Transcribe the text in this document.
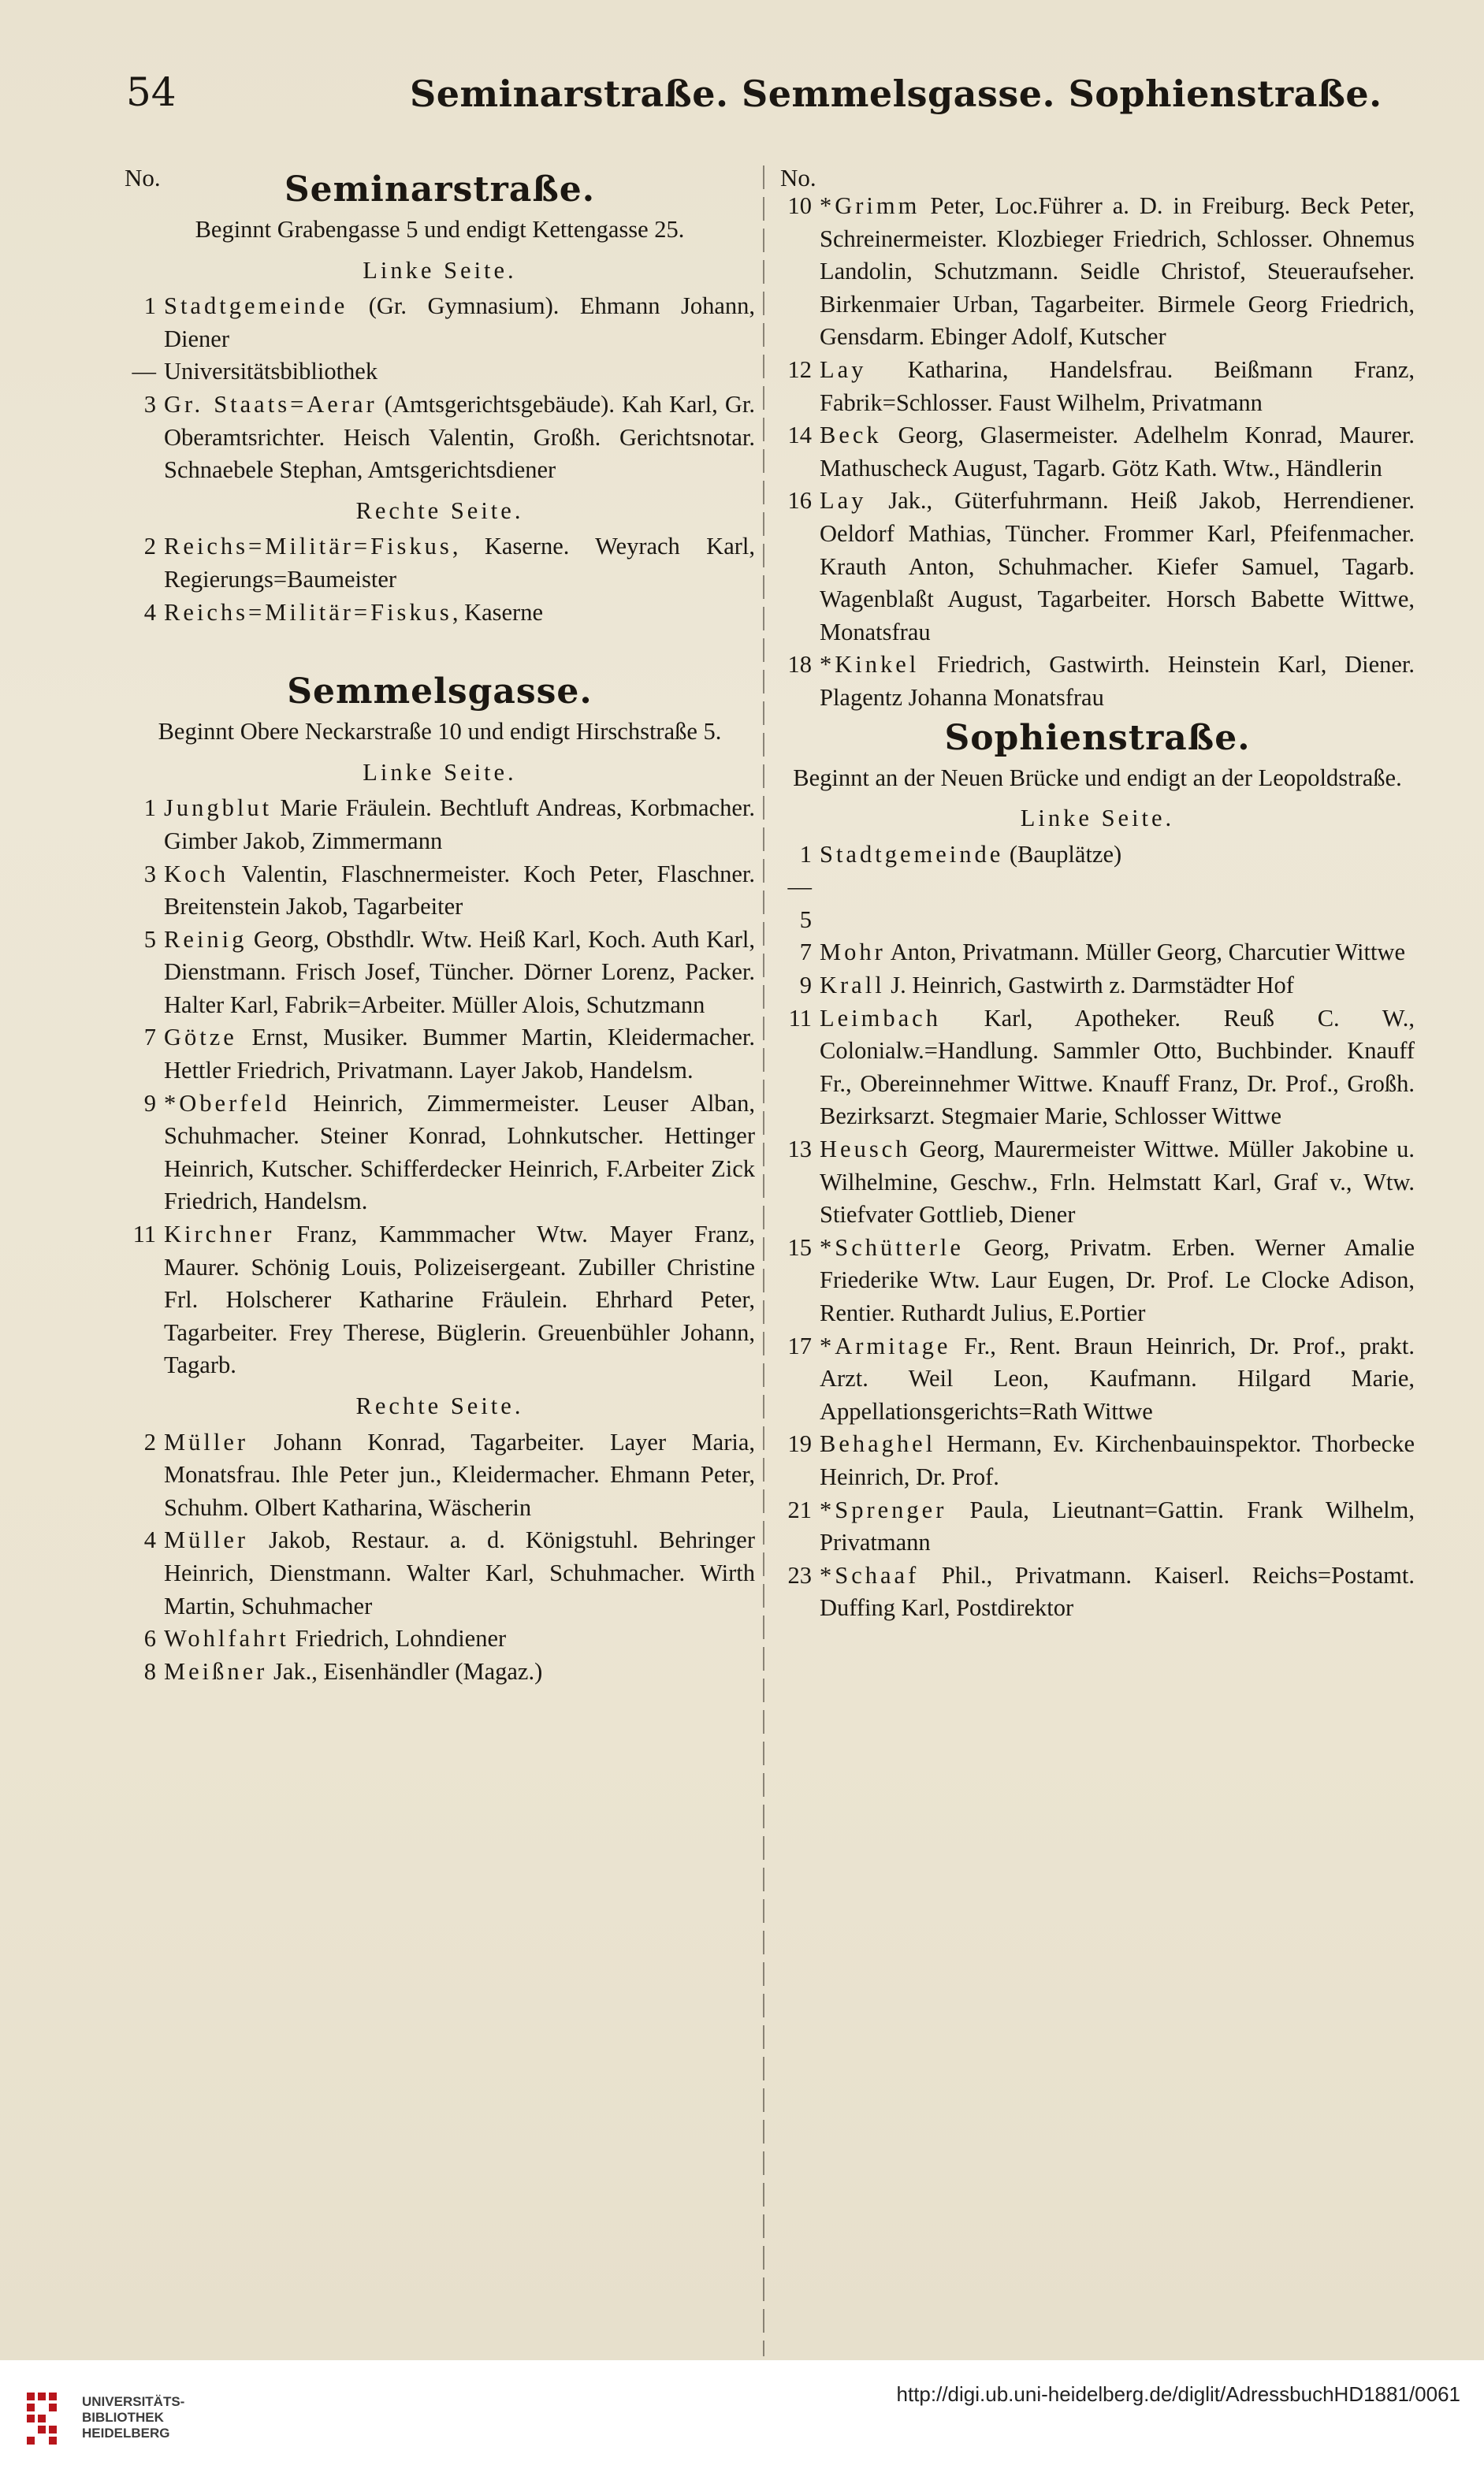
54	Seminarstraße. Semmelsgasse. Sophienstraße.
No.	Seminarstraße.
Beginnt Grabengasse 5 und endigt Kettengasse 25.
Linke Seite.
1 Stadtgemeinde (Gr. Gymnasium). Ehmann Johann, Diener
— Universitätsbibliothek
3 Gr. Staats=Aerar (Amtsgerichtsgebäude). Kah Karl, Gr. Oberamtsrichter. Heisch Valentin, Großh. Gerichtsnotar. Schnaebele Stephan, Amtsgerichtsdiener
Rechte Seite.
2 Reichs=Militär=Fiskus, Kaserne. Weyrach Karl, Regierungs=Baumeister
4 Reichs=Militär=Fiskus, Kaserne
Semmelsgasse.
Beginnt Obere Neckarstraße 10 und endigt Hirschstraße 5.
Linke Seite.
1 Jungblut Marie Fräulein. Bechtluft Andreas, Korbmacher. Gimber Jakob, Zimmermann
3 Koch Valentin, Flaschnermeister. Koch Peter, Flaschner. Breitenstein Jakob, Tagarbeiter
5 Reinig Georg, Obsthdlr. Wtw. Heiß Karl, Koch. Auth Karl, Dienstmann. Frisch Josef, Tüncher. Dörner Lorenz, Packer. Halter Karl, Fabrik=Arbeiter. Müller Alois, Schutzmann
7 Götze Ernst, Musiker. Bummer Martin, Kleidermacher. Hettler Friedrich, Privatmann. Layer Jakob, Handelsm.
9 *Oberfeld Heinrich, Zimmermeister. Leuser Alban, Schuhmacher. Steiner Konrad, Lohnkutscher. Hettinger Heinrich, Kutscher. Schifferdecker Heinrich, F.Arbeiter Zick Friedrich, Handelsm.
11 Kirchner Franz, Kammmacher Wtw. Mayer Franz, Maurer. Schönig Louis, Polizeisergeant. Zubiller Christine Frl. Holscherer Katharine Fräulein. Ehrhard Peter, Tagarbeiter. Frey Therese, Büglerin. Greuenbühler Johann, Tagarb.
Rechte Seite.
2 Müller Johann Konrad, Tagarbeiter. Layer Maria, Monatsfrau. Ihle Peter jun., Kleidermacher. Ehmann Peter, Schuhm. Olbert Katharina, Wäscherin
4 Müller Jakob, Restaur. a. d. Königstuhl. Behringer Heinrich, Dienstmann. Walter Karl, Schuhmacher. Wirth Martin, Schuhmacher
6 Wohlfahrt Friedrich, Lohndiener
8 Meißner Jak., Eisenhändler (Magaz.)
No.
10 *Grimm Peter, Loc.Führer a. D. in Freiburg. Beck Peter, Schreinermeister. Klozbieger Friedrich, Schlosser. Ohnemus Landolin, Schutzmann. Seidle Christof, Steueraufseher. Birkenmaier Urban, Tagarbeiter. Birmele Georg Friedrich, Gensdarm. Ebinger Adolf, Kutscher
12 Lay Katharina, Handelsfrau. Beißmann Franz, Fabrik=Schlosser. Faust Wilhelm, Privatmann
14 Beck Georg, Glasermeister. Adelhelm Konrad, Maurer. Mathuscheck August, Tagarb. Götz Kath. Wtw., Händlerin
16 Lay Jak., Güterfuhrmann. Heiß Jakob, Herrendiener. Oeldorf Mathias, Tüncher. Frommer Karl, Pfeifenmacher. Krauth Anton, Schuhmacher. Kiefer Samuel, Tagarb. Wagenblaßt August, Tagarbeiter. Horsch Babette Wittwe, Monatsfrau
18 *Kinkel Friedrich, Gastwirth. Heinstein Karl, Diener. Plagentz Johanna Monatsfrau
Sophienstraße.
Beginnt an der Neuen Brücke und endigt an der Leopoldstraße.
Linke Seite.
1—5
Stadtgemeinde (Bauplätze)
7 Mohr Anton, Privatmann. Müller Georg, Charcutier Wittwe
9 Krall J. Heinrich, Gastwirth z. Darmstädter Hof
11 Leimbach Karl, Apotheker. Reuß C. W., Colonialw.=Handlung. Sammler Otto, Buchbinder. Knauff Fr., Obereinnehmer Wittwe. Knauff Franz, Dr. Prof., Großh. Bezirksarzt. Stegmaier Marie, Schlosser Wittwe
13 Heusch Georg, Maurermeister Wittwe. Müller Jakobine u. Wilhelmine, Geschw., Frln. Helmstatt Karl, Graf v., Wtw. Stiefvater Gottlieb, Diener
15 *Schütterle Georg, Privatm. Erben. Werner Amalie Friederike Wtw. Laur Eugen, Dr. Prof. Le Clocke Adison, Rentier. Ruthardt Julius, E.Portier
17 *Armitage Fr., Rent. Braun Heinrich, Dr. Prof., prakt. Arzt. Weil Leon, Kaufmann. Hilgard Marie, Appellationsgerichts=Rath Wittwe
19 Behaghel Hermann, Ev. Kirchenbauinspektor. Thorbecke Heinrich, Dr. Prof.
21 *Sprenger Paula, Lieutnant=Gattin. Frank Wilhelm, Privatmann
23 *Schaaf Phil., Privatmann. Kaiserl. Reichs=Postamt. Duffing Karl, Postdirektor
UNIVERSITÄTS-
BIBLIOTHEK
HEIDELBERG
http://digi.ub.uni-heidelberg.de/diglit/AdressbuchHD1881/0061
